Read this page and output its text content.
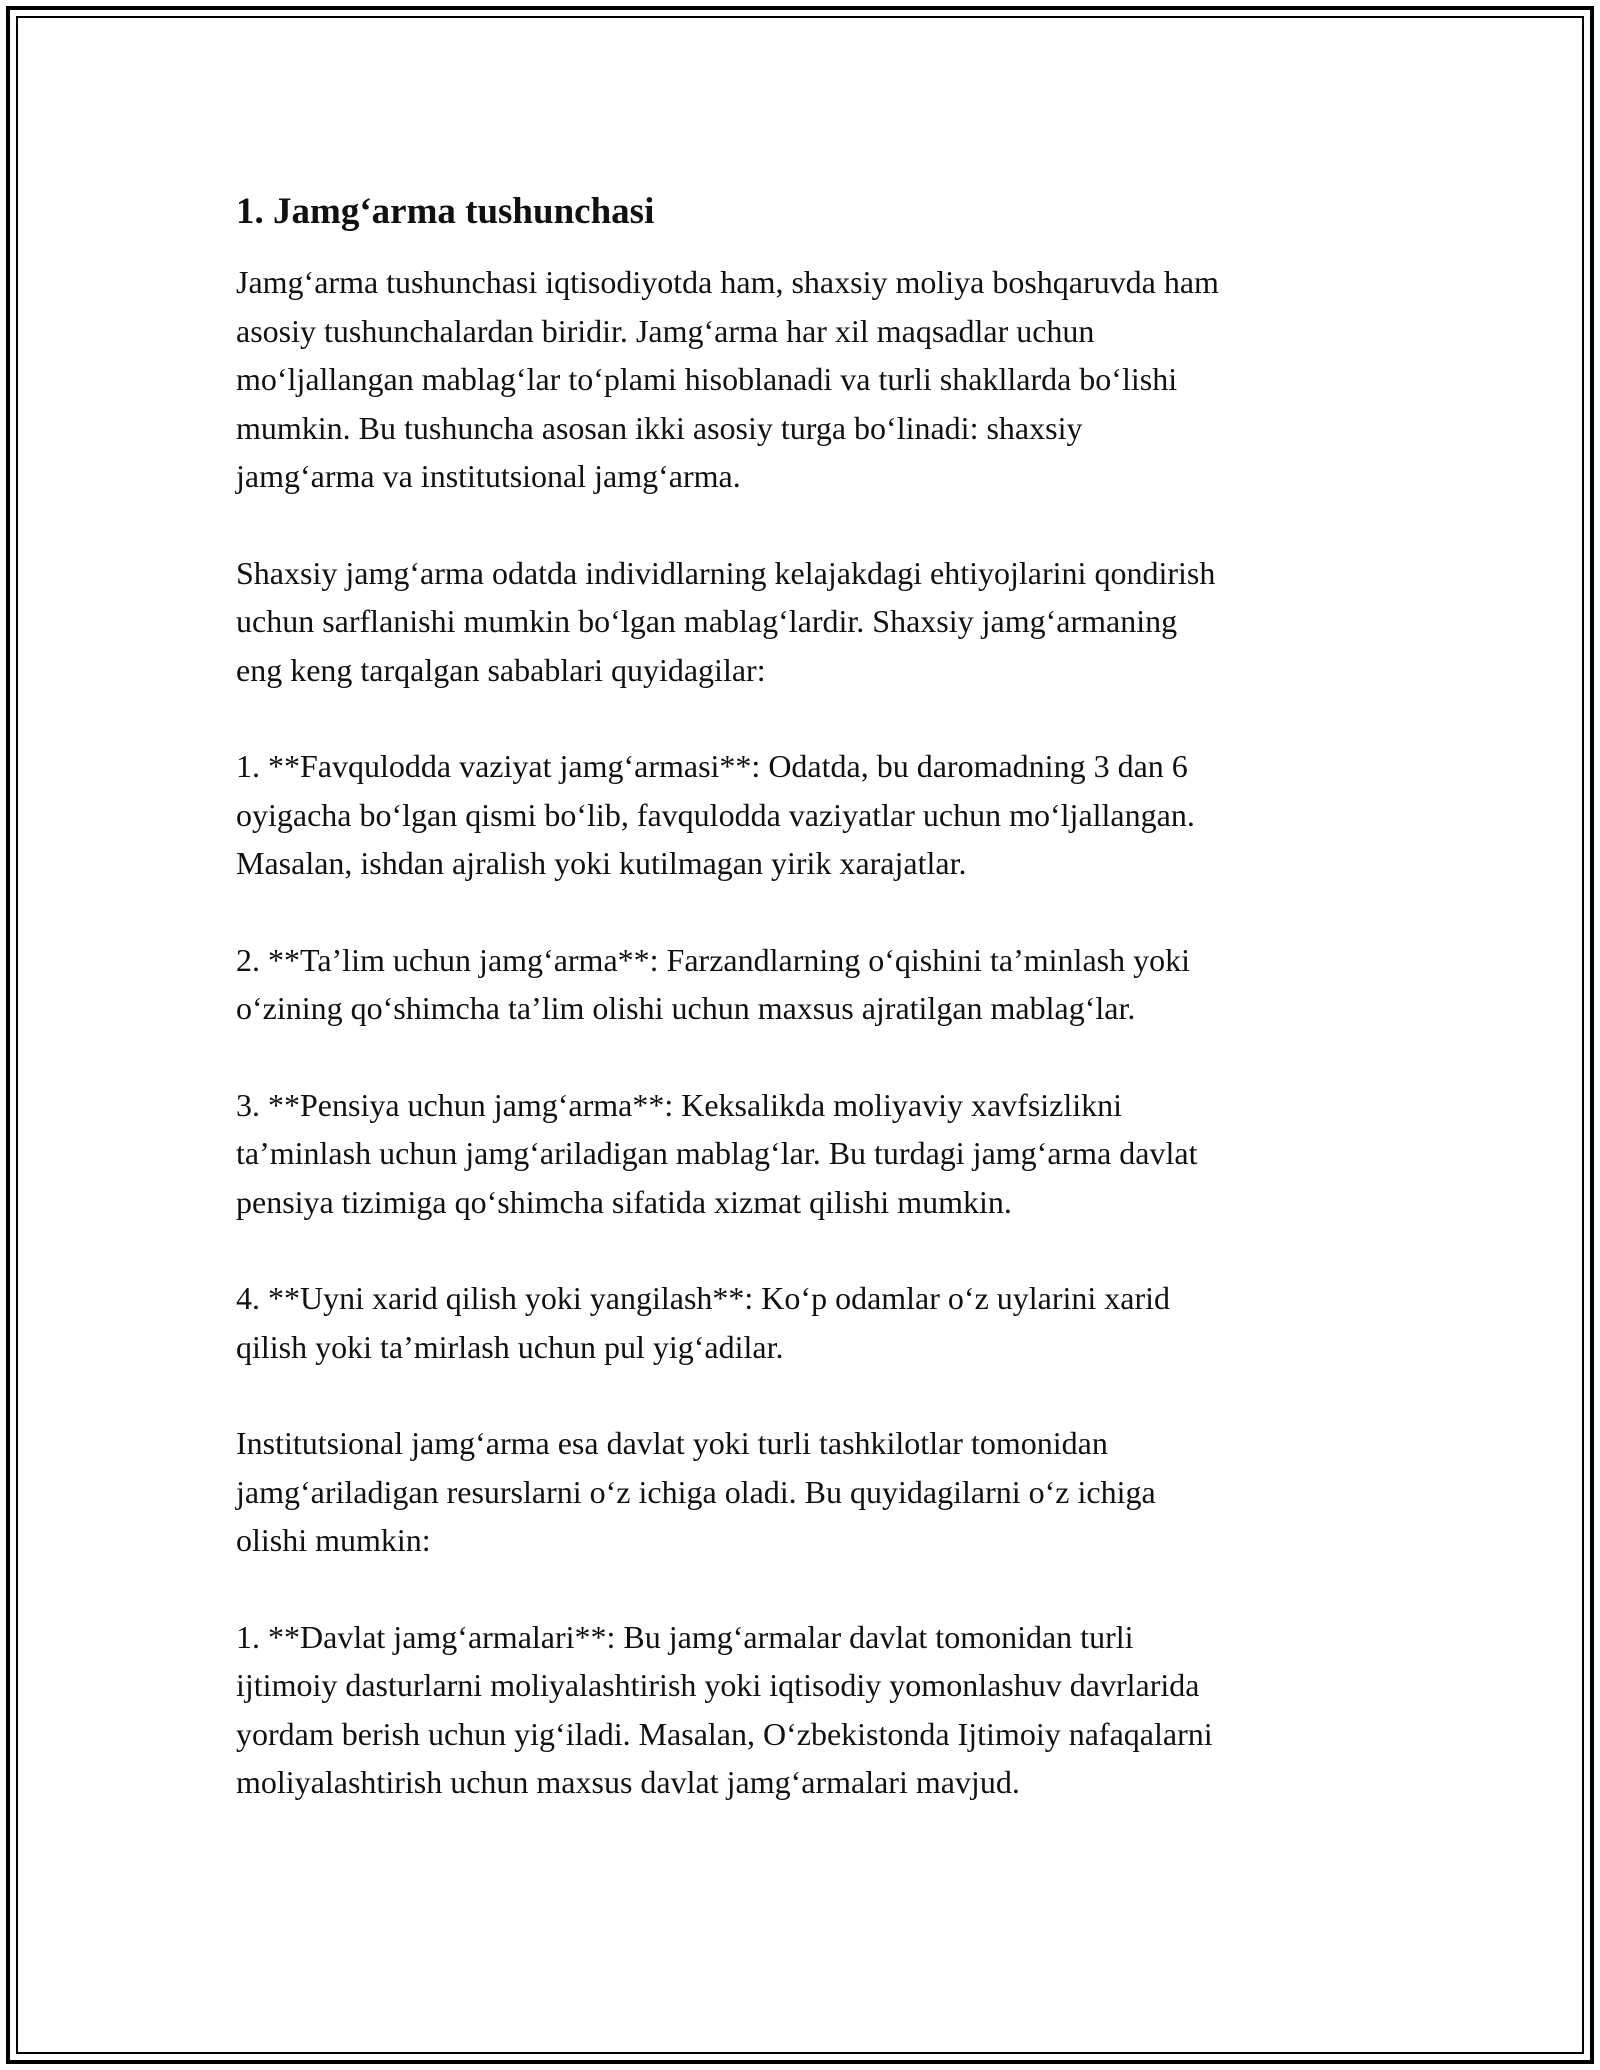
1. Jamg‘arma tushunchasi

Jamg‘arma tushunchasi iqtisodiyotda ham, shaxsiy moliya boshqaruvda ham
asosiy tushunchalardan biridir. Jamg‘arma har xil maqsadlar uchun
mo‘ljallangan mablag‘lar to‘plami hisoblanadi va turli shakllarda bo‘lishi
mumkin. Bu tushuncha asosan ikki asosiy turga bo‘linadi: shaxsiy
jamg‘arma va institutsional jamg‘arma.

Shaxsiy jamg‘arma odatda individlarning kelajakdagi ehtiyojlarini qondirish
uchun sarflanishi mumkin bo‘lgan mablag‘lardir. Shaxsiy jamg‘armaning
eng keng tarqalgan sabablari quyidagilar:

1. **Favqulodda vaziyat jamg‘armasi**: Odatda, bu daromadning 3 dan 6
oyigacha bo‘lgan qismi bo‘lib, favqulodda vaziyatlar uchun mo‘ljallangan.
Masalan, ishdan ajralish yoki kutilmagan yirik xarajatlar.

2. **Ta’lim uchun jamg‘arma**: Farzandlarning o‘qishini ta’minlash yoki
o‘zining qo‘shimcha ta’lim olishi uchun maxsus ajratilgan mablag‘lar.

3. **Pensiya uchun jamg‘arma**: Keksalikda moliyaviy xavfsizlikni
ta’minlash uchun jamg‘ariladigan mablag‘lar. Bu turdagi jamg‘arma davlat
pensiya tizimiga qo‘shimcha sifatida xizmat qilishi mumkin.

4. **Uyni xarid qilish yoki yangilash**: Ko‘p odamlar o‘z uylarini xarid
qilish yoki ta’mirlash uchun pul yig‘adilar.

Institutsional jamg‘arma esa davlat yoki turli tashkilotlar tomonidan
jamg‘ariladigan resurslarni o‘z ichiga oladi. Bu quyidagilarni o‘z ichiga
olishi mumkin:

1. **Davlat jamg‘armalari**: Bu jamg‘armalar davlat tomonidan turli
ijtimoiy dasturlarni moliyalashtirish yoki iqtisodiy yomonlashuv davrlarida
yordam berish uchun yig‘iladi. Masalan, O‘zbekistonda Ijtimoiy nafaqalarni
moliyalashtirish uchun maxsus davlat jamg‘armalari mavjud.
